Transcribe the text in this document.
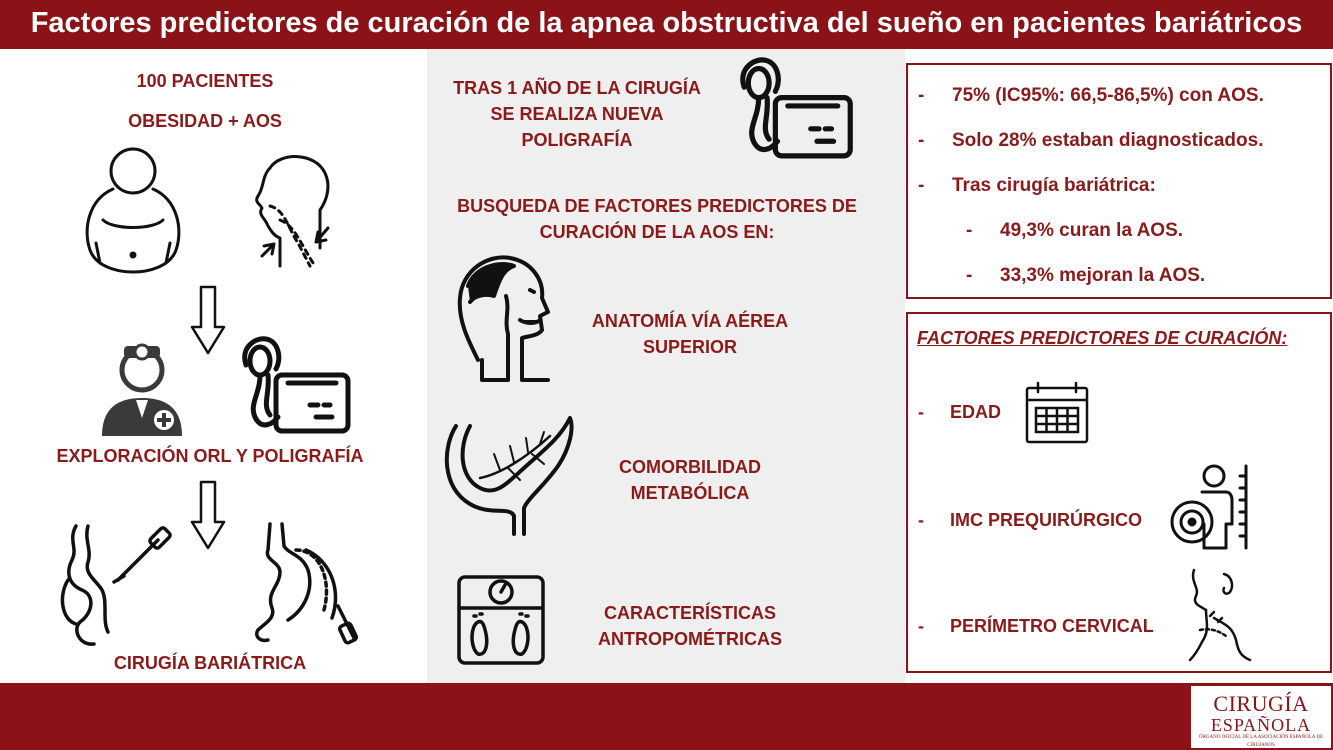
Factores predictores de curación de la apnea obstructiva del sueño en pacientes bariátricos
100 PACIENTES
OBESIDAD + AOS
EXPLORACIÓN ORL Y POLIGRAFÍA
CIRUGÍA BARIÁTRICA
TRAS 1 AÑO DE LA CIRUGÍA SE REALIZA NUEVA POLIGRAFÍA
BUSQUEDA DE FACTORES PREDICTORES DE CURACIÓN DE LA AOS EN:
ANATOMÍA VÍA AÉREA SUPERIOR
COMORBILIDAD METABÓLICA
CARACTERÍSTICAS ANTROPOMÉTRICAS
- 75% (IC95%: 66,5-86,5%) con AOS.
- Solo 28% estaban diagnosticados.
- Tras cirugía bariátrica:
- 49,3% curan la AOS.
- 33,3% mejoran la AOS.
FACTORES PREDICTORES DE CURACIÓN:
- EDAD
- IMC PREQUIRÚRGICO
- PERÍMETRO CERVICAL
CIRUGÍA
ESPAÑOLA
ÓRGANO OFICIAL DE LA ASOCIACIÓN ESPAÑOLA DE CIRUJANOS
